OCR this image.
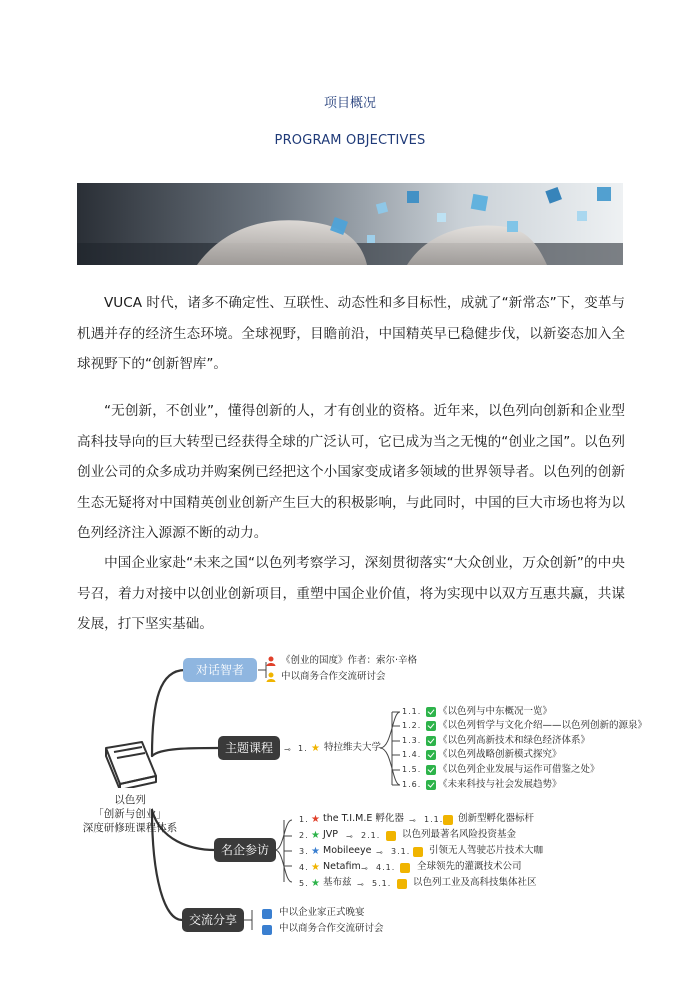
项目概况
PROGRAM OBJECTIVES

VUCA 时代，诸多不确定性、互联性、动态性和多目标性，成就了“新常态”下，变革与机遇并存的经济生态环境。全球视野，目瞻前沿，中国精英早已稳健步伐，以新姿态加入全球视野下的“创新智库”。

“无创新，不创业”，懂得创新的人，才有创业的资格。近年来，以色列向创新和企业型高科技导向的巨大转型已经获得全球的广泛认可，它已成为当之无愧的“创业之国”。以色列创业公司的众多成功并购案例已经把这个小国家变成诸多领域的世界领导者。以色列的创新生态无疑将对中国精英创业创新产生巨大的积极影响，与此同时，中国的巨大市场也将为以色列经济注入源源不断的动力。

中国企业家赴“未来之国“以色列考察学习，深刻贯彻落实“大众创业，万众创新”的中央号召，着力对接中以创业创新项目，重塑中国企业价值，将为实现中以双方互惠共赢，共谋发展，打下坚实基础。

以色列
「创新与创业」
深度研修班课程体系
对话智者
主题课程
名企参访
交流分享
《创业的国度》作者：索尔·辛格
中以商务合作交流研讨会
⊸ 1. ★ 特拉维夫大学
1.1. 《以色列与中东概况一览》
1.2. 《以色列哲学与文化介绍——以色列创新的源泉》
1.3. 《以色列高新技术和绿色经济体系》
1.4. 《以色列战略创新模式探究》
1.5. 《以色列企业发展与运作可借鉴之处》
1.6. 《未来科技与社会发展趋势》
1. ★ the T.I.M.E 孵化器 ⊸ 1.1. 创新型孵化器标杆
2. ★ JVP ⊸ 2.1. 以色列最著名风险投资基金
3. ★ Mobileeye ⊸ 3.1. 引领无人驾驶芯片技术大咖
4. ★ Netafim ⊸ 4.1. 全球领先的灌溉技术公司
5. ★ 基布兹 ⊸ 5.1. 以色列工业及高科技集体社区
中以企业家正式晚宴
中以商务合作交流研讨会
